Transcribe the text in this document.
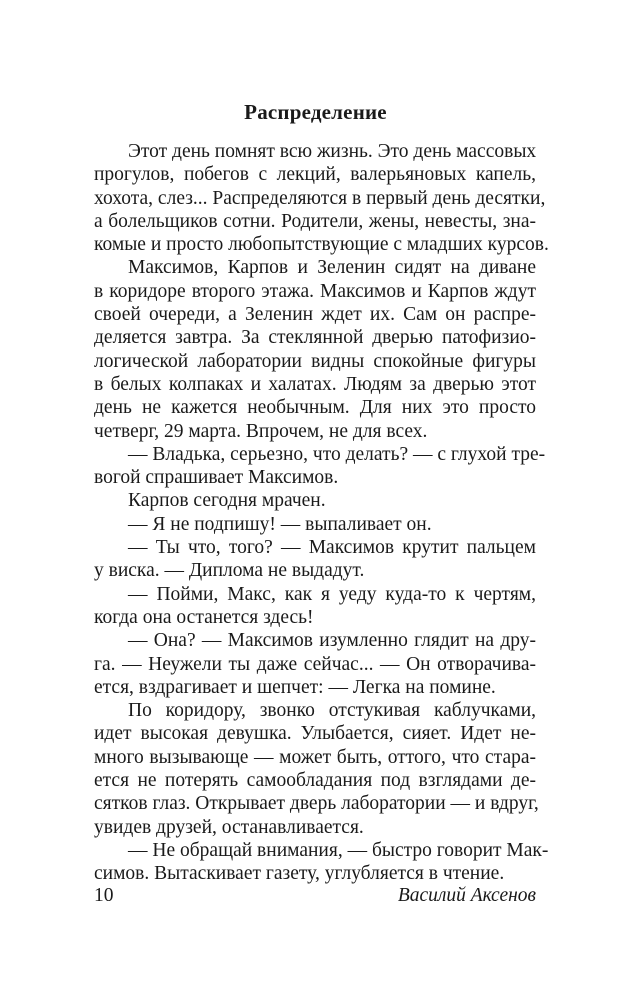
Распределение
Этот день помнят всю жизнь. Это день массовых
прогулов, побегов с лекций, валерьяновых капель,
хохота, слез... Распределяются в первый день десятки,
а болельщиков сотни. Родители, жены, невесты, зна-
комые и просто любопытствующие с младших курсов.
Максимов, Карпов и Зеленин сидят на диване
в коридоре второго этажа. Максимов и Карпов ждут
своей очереди, а Зеленин ждет их. Сам он распре-
деляется завтра. За стеклянной дверью патофизио-
логической лаборатории видны спокойные фигуры
в белых колпаках и халатах. Людям за дверью этот
день не кажется необычным. Для них это просто
четверг, 29 марта. Впрочем, не для всех.
— Владька, серьезно, что делать? — с глухой тре-
вогой спрашивает Максимов.
Карпов сегодня мрачен.
— Я не подпишу! — выпаливает он.
— Ты что, того? — Максимов крутит пальцем
у виска. — Диплома не выдадут.
— Пойми, Макс, как я уеду куда-то к чертям,
когда она останется здесь!
— Она? — Максимов изумленно глядит на дру-
га. — Неужели ты даже сейчас... — Он отворачива-
ется, вздрагивает и шепчет: — Легка на помине.
По коридору, звонко отстукивая каблучками,
идет высокая девушка. Улыбается, сияет. Идет не-
много вызывающе — может быть, оттого, что стара-
ется не потерять самообладания под взглядами де-
сятков глаз. Открывает дверь лаборатории — и вдруг,
увидев друзей, останавливается.
— Не обращай внимания, — быстро говорит Мак-
симов. Вытаскивает газету, углубляется в чтение.
10	Василий Аксенов
